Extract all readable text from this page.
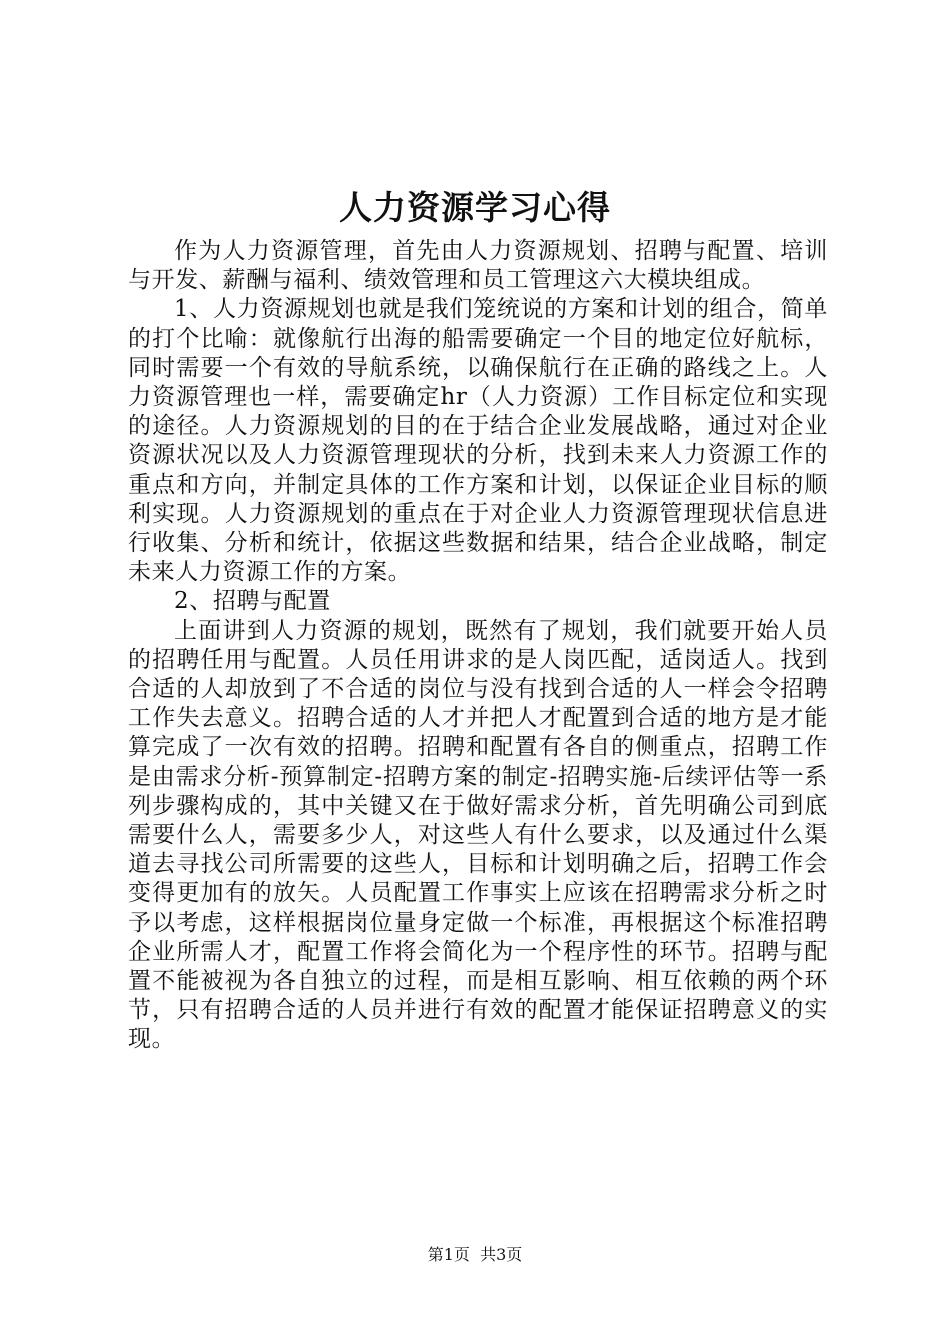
人力资源学习心得

作为人力资源管理，首先由人力资源规划、招聘与配置、培训与开发、薪酬与福利、绩效管理和员工管理这六大模块组成。

1、人力资源规划也就是我们笼统说的方案和计划的组合，简单的打个比喻：就像航行出海的船需要确定一个目的地定位好航标，同时需要一个有效的导航系统，以确保航行在正确的路线之上。人力资源管理也一样，需要确定hr（人力资源）工作目标定位和实现的途径。人力资源规划的目的在于结合企业发展战略，通过对企业资源状况以及人力资源管理现状的分析，找到未来人力资源工作的重点和方向，并制定具体的工作方案和计划，以保证企业目标的顺利实现。人力资源规划的重点在于对企业人力资源管理现状信息进行收集、分析和统计，依据这些数据和结果，结合企业战略，制定未来人力资源工作的方案。

2、招聘与配置

上面讲到人力资源的规划，既然有了规划，我们就要开始人员的招聘任用与配置。人员任用讲求的是人岗匹配，适岗适人。找到合适的人却放到了不合适的岗位与没有找到合适的人一样会令招聘工作失去意义。招聘合适的人才并把人才配置到合适的地方是才能算完成了一次有效的招聘。招聘和配置有各自的侧重点，招聘工作是由需求分析-预算制定-招聘方案的制定-招聘实施-后续评估等一系列步骤构成的，其中关键又在于做好需求分析，首先明确公司到底需要什么人，需要多少人，对这些人有什么要求，以及通过什么渠道去寻找公司所需要的这些人，目标和计划明确之后，招聘工作会变得更加有的放矢。人员配置工作事实上应该在招聘需求分析之时予以考虑，这样根据岗位量身定做一个标准，再根据这个标准招聘企业所需人才，配置工作将会简化为一个程序性的环节。招聘与配置不能被视为各自独立的过程，而是相互影响、相互依赖的两个环节，只有招聘合适的人员并进行有效的配置才能保证招聘意义的实现。

第1页  共3页
